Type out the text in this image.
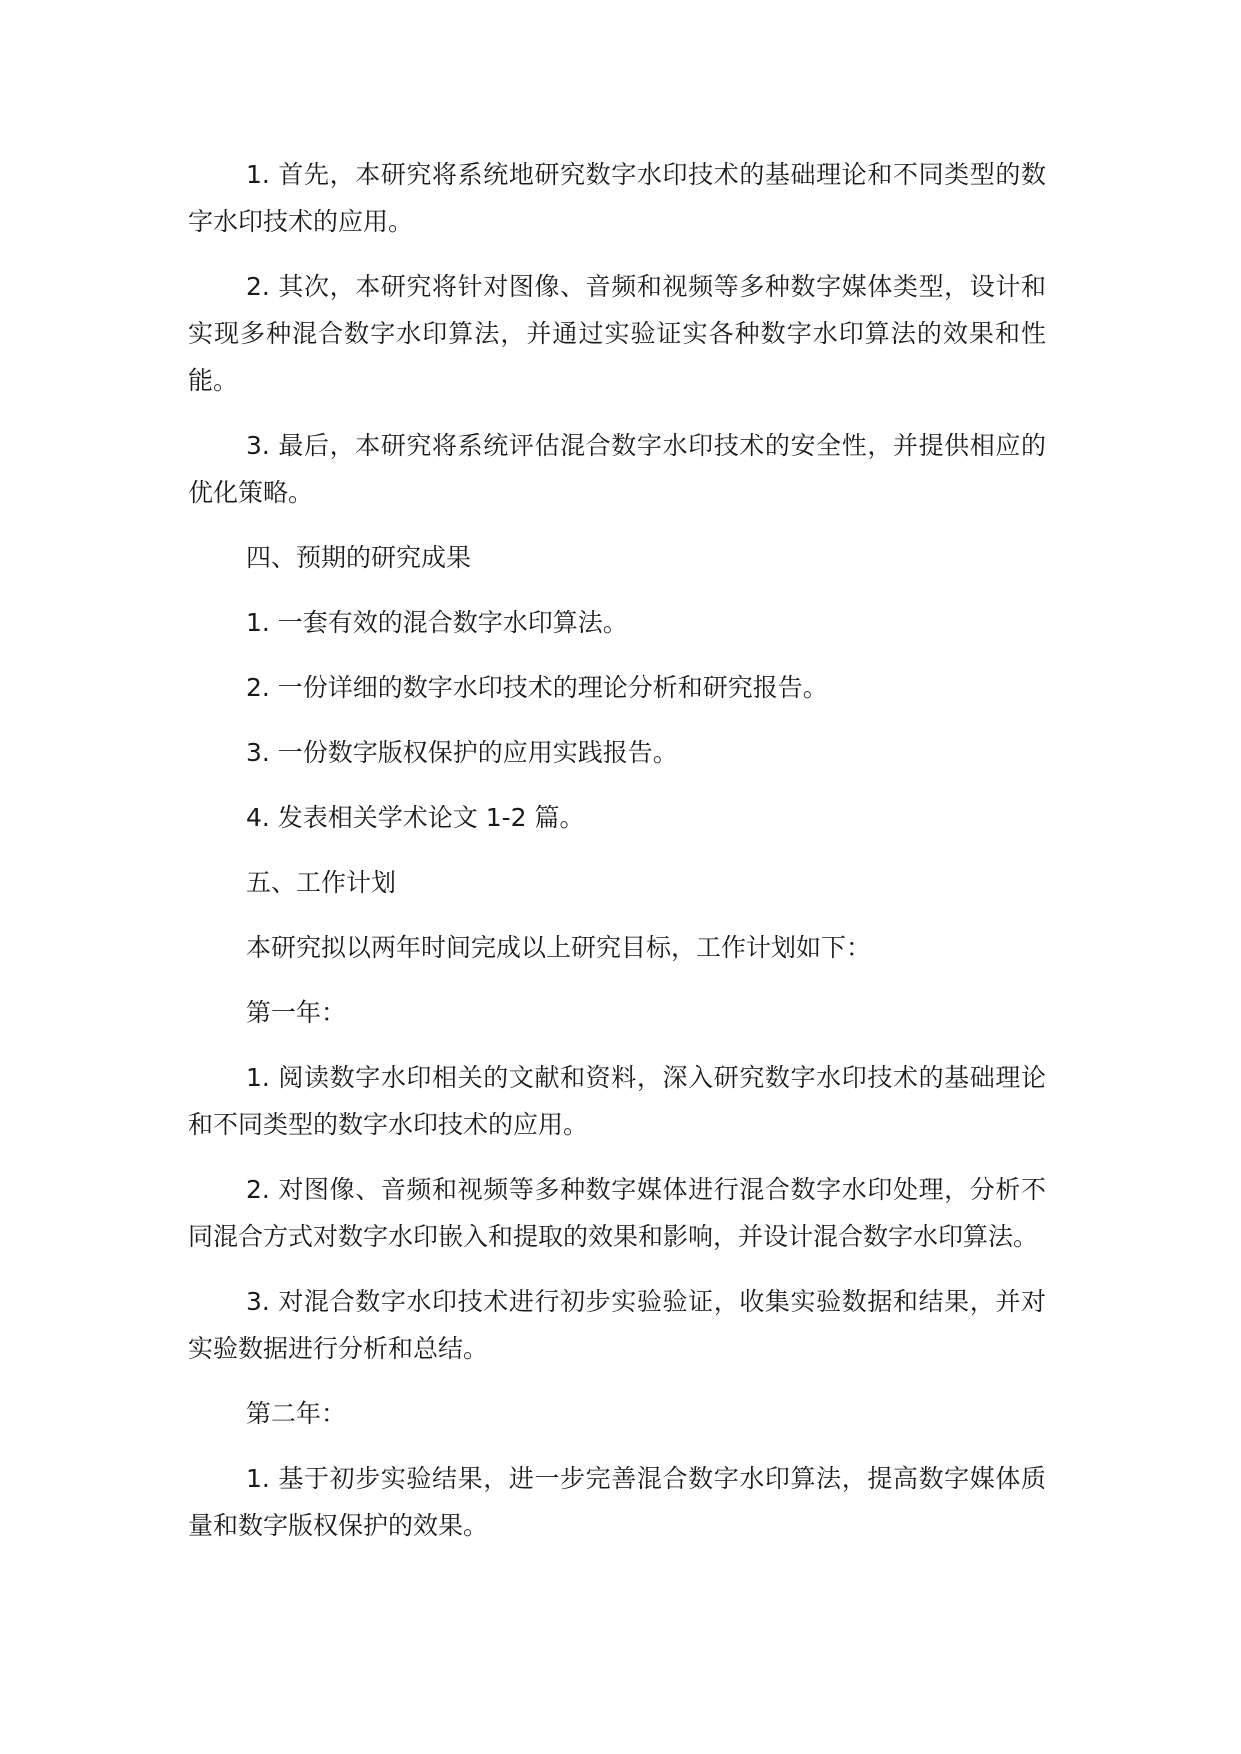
1. 首先，本研究将系统地研究数字水印技术的基础理论和不同类型的数字水印技术的应用。

2. 其次，本研究将针对图像、音频和视频等多种数字媒体类型，设计和实现多种混合数字水印算法，并通过实验证实各种数字水印算法的效果和性能。

3. 最后，本研究将系统评估混合数字水印技术的安全性，并提供相应的优化策略。

四、预期的研究成果

1. 一套有效的混合数字水印算法。

2. 一份详细的数字水印技术的理论分析和研究报告。

3. 一份数字版权保护的应用实践报告。

4. 发表相关学术论文 1-2 篇。

五、工作计划

本研究拟以两年时间完成以上研究目标，工作计划如下：

第一年：

1. 阅读数字水印相关的文献和资料，深入研究数字水印技术的基础理论和不同类型的数字水印技术的应用。

2. 对图像、音频和视频等多种数字媒体进行混合数字水印处理，分析不同混合方式对数字水印嵌入和提取的效果和影响，并设计混合数字水印算法。

3. 对混合数字水印技术进行初步实验验证，收集实验数据和结果，并对实验数据进行分析和总结。

第二年：

1. 基于初步实验结果，进一步完善混合数字水印算法，提高数字媒体质量和数字版权保护的效果。
